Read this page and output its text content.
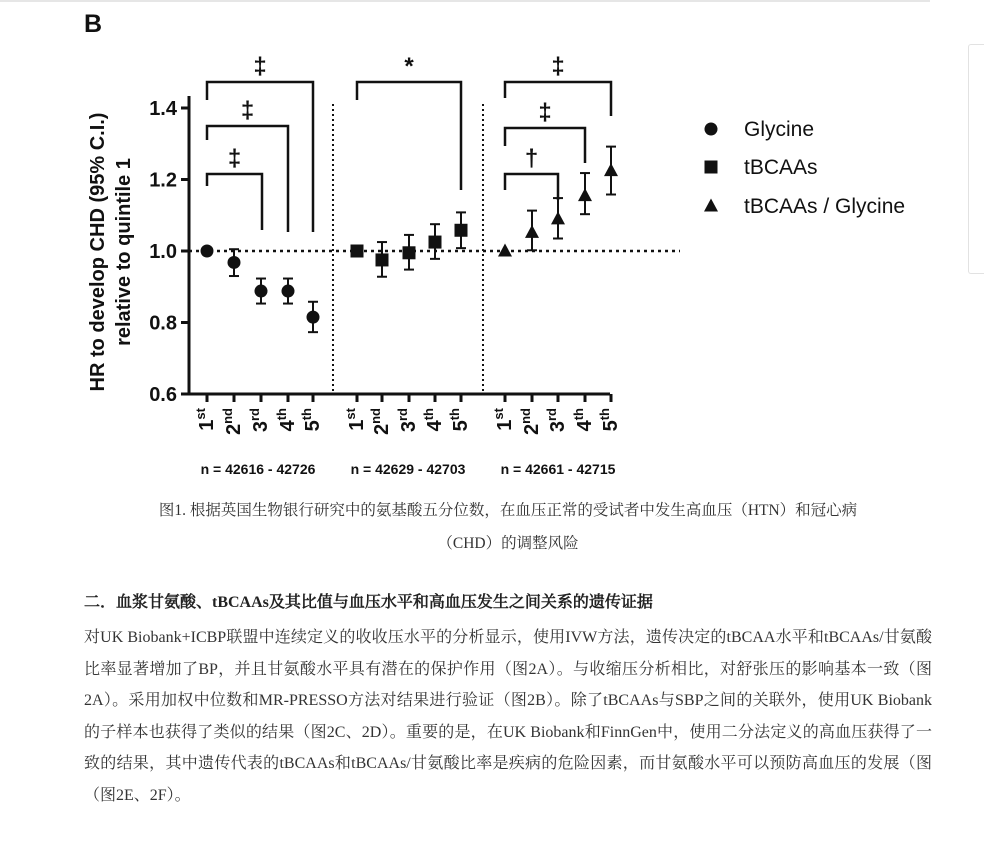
B
HR to develop CHD (95% C.I.) relative to quintile 1
0.6
0.8
1.0
1.2
1.4
1st
2nd
3rd
4th
5th
1st
2nd
3rd
4th
5th
1st
2nd
3rd
4th
5th
‡
‡
‡
*	‡
‡
†
Glycine
tBCAAs
tBCAAs / Glycine
n = 42616 - 42726	n = 42629 - 42703	n = 42661 - 42715
图1. 根据英国生物银行研究中的氨基酸五分位数，在血压正常的受试者中发生高血压（HTN）和冠心病
（CHD）的调整风险
二．血浆甘氨酸、tBCAAs及其比值与血压水平和高血压发生之间关系的遗传证据

对UK Biobank+ICBP联盟中连续定义的收收压水平的分析显示，使用IVW方法，遗传决定的tBCAA水平和tBCAAs/甘氨酸比率显著增加了BP，并且甘氨酸水平具有潜在的保护作用（图2A）。与收缩压分析相比，对舒张压的影响基本一致（图2A）。采用加权中位数和MR-PRESSO方法对结果进行验证（图2B）。除了tBCAAs与SBP之间的关联外，使用UK Biobank的子样本也获得了类似的结果（图2C、2D）。重要的是，在UK Biobank和FinnGen中，使用二分法定义的高血压获得了一致的结果，其中遗传代表的tBCAAs和tBCAAs/甘氨酸比率是疾病的危险因素，而甘氨酸水平可以预防高血压的发展（图（图2E、2F）。
